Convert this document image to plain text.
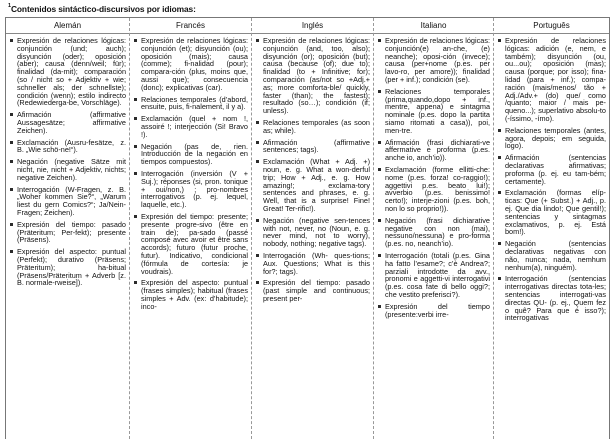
$^1$Contenidos sintáctico-discursivos por idiomas:
Alemán
Expresión de relaciones lógicas: conjunción (und; auch); disyunción (oder); oposición (aber); causa (denn/weil; für); finalidad (da-mit); comparación (so / nicht so + Adjektiv + wie; schneller als; der schnellste); condición (wenn); estilo indirecto (Redewiederga-be, Vorschläge).
Afirmación (affirmative Aussagesätze; affirmative Zeichen).
Exclamación (Ausru-fesätze, z. B. „Wie schö-ne!“).
Negación (negative Sätze mit nicht, nie, nicht + Adjektiv, nichts; negative Zeichen).
Interrogación (W-Fragen, z. B. „Woher kommen Sie?“, „Warum liest du gern Comics?“; Ja/Nein-Fragen; Zeichen).
Expresión del tiempo: pasado (Präteritum; Per-fekt); presente (Präsens).
Expresión del aspecto: puntual (Perfekt); durativo (Präsens; Präteritum); ha-bitual (Präsens/Präteritum + Adverb [z. B. normale-rweise]).
Francés
Expresión de relaciones lógicas: conjunción (et); disyunción (ou); oposición (mais); causa (comme); fi-nalidad (pour); compara-ción (plus, moins que, aussi que); consecuencia (donc); explicativas (car).
Relaciones temporales (d’abord, ensuite, puis, fi-nalement, il y a).
Exclamación (quel + nom !, assoiré !; interjección (Si! Bravo !).
Negación (pas de, rien. Introducción de la negación en tiempos compuestos).
Interrogación (inversión (V + Suj.); réponses (si, pron. tonique + oui/non,) ; pro-nombres interrogativos (p. ej. lequel, laquelle, etc.).
Expresión del tiempo: presente; presente progre-sivo (être en train de); pa-sado (passé composé avec avoir et être sans accords); futuro (futur proche, futur). Indicativo, condicional (fórmula de cortesía: je voudrais).
Expresión del aspecto: puntual (frases simples); habitual (frases simples + Adv. (ex: d’habitude); inco-
Inglés
Expresión de relaciones lógicas: conjunción (and, too, also); disyunción (or); oposición (but); causa (because (of); due to); finalidad (to + Infinitive; for); comparación (as/not so +Adj.+ as; more comforta-ble/ quickly, faster (than); the fastest); resultado (so…); condición (if; unless).
Relaciones temporales (as soon as; while).
Afirmación (affirmative sentences; tags).
Exclamación (What + Adj. +) noun, e. g. What a won-derful trip; How + Adj., e. g. How amazing!; exclama-tory sentences and phrases, e. g. Well, that is a surprise! Fine! Great! Ter-rific!).
Negación (negative sen-tences with not, never, no (Noun, e. g. never mind, not to worry), nobody, nothing; negative tags).
Interrogación (Wh- ques-tions; Aux. Questions; What is this for?; tags).
Expresión del tiempo: pasado (past simple and continuous; present per-
Italiano
Expresión de relaciones lógicas: conjunción(e) an-che, (e) neanche); oposi-ción (invece); causa (per+nome (p.es. per lavo-ro, per amore)); finalidad (per + inf.); condición (se).
Relaciones temporales (prima,quando,dopo + inf., mentre, appena) e sintagma nominale (p.es. dopo la partita siamo ritornati a casa)), poi, men-tre.
Afirmación (frasi dichiarati-ve affermative e proforma (p.es. anche io, anch’io)).
Exclamación (forme ellitti-che: nome (p.es. forza! co-raggio!); aggettivi p.es. beato lui!); avverbio (p.es. benissimo! certo!); interje-zioni (p.es. boh, non lo so proprio!)).
Negación (frasi dichiarative negative con non (mai), nessuno/nessuna) e pro-forma (p.es. no, neanch’io).
Interrogación (totali (p.es. Gina ha fatto l’esame?; c’è Andrea?; parziali introdotte da avv., pronomi e aggetti-vi interrogativi (p.es. cosa fate di bello oggi?; che vestito preferisci?).
Expresión del tiempo (presente:verbi irre-
Português
Expresión de relaciones lógicas: adición (e, nem, e também); disyunción (ou, ou...ou); oposición (mas); causa (porque; por isso); fina-lidad (para + inf.); compa-ración (mais/menos/ tão + Adj./Adv.+ (do) que/ como /quanto; maior / mais pe-queno...); superlativo absolu-to (-íssimo, -ímo).
Relaciones temporales (antes, agora, depois; em seguida, logo).
Afirmación (sentencias declarativas afirmativas; proforma (p. ej. eu tam-bém; certamente).
Exclamación (formas elíp-ticas: Que (+ Subst.) + Adj., p. ej. Que dia lindo!; Que gentil!); sentencias y sintagmas exclamativos, p. ej. Está bom!).
Negación (sentencias declarativas negativas con não, nunca; nada, nemhum nenhum(a), ninguém).
Interrogación (sentencias interrogativas directas tota-les; sentencias interrogati-vas directas QU- (p. ej., Quem fez o quê? Para que é isso?); interrogativas
